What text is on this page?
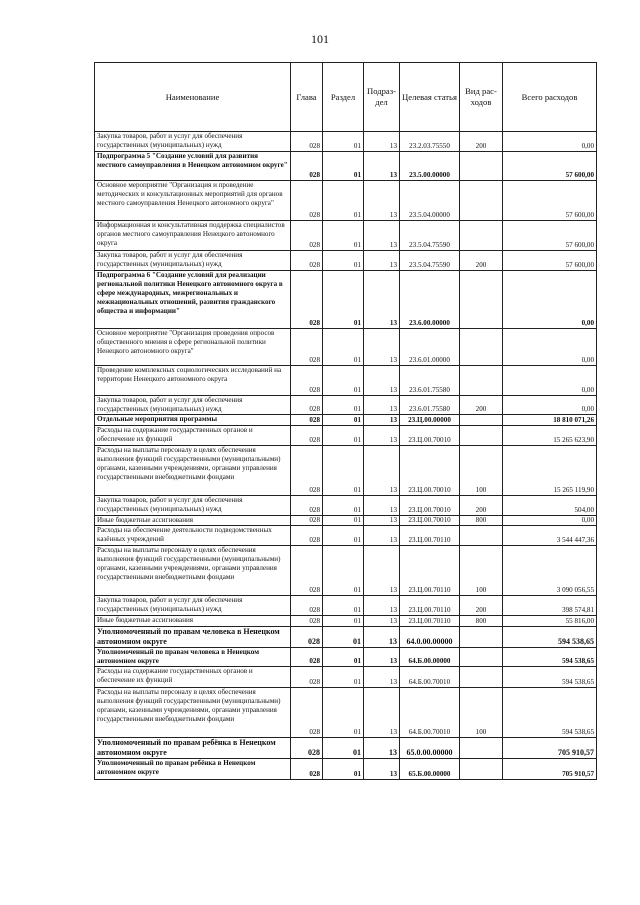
101
Наименование	Глава	Раздел	Подраз-дел	Целевая статья	Вид рас-ходов	Всего расходов
Закупка товаров, работ и услуг для обеспечения государственных (муниципальных) нужд	028	01	13	23.2.03.75550	200	0,00
Подпрограмма 5 "Создание условий для развития местного самоуправления в Ненецком автономном округе"	028	01	13	23.5.00.00000		57 600,00
Основное мероприятие "Организация и проведение методических и консультационных мероприятий для органов местного самоуправления Ненецкого автономного округа"	028	01	13	23.5.04.00000		57 600,00
Информационная и консультативная поддержка специалистов органов местного самоуправления Ненецкого автономного округа	028	01	13	23.5.04.75590		57 600,00
Закупка товаров, работ и услуг для обеспечения государственных (муниципальных) нужд	028	01	13	23.5.04.75590	200	57 600,00
Подпрограмма 6 "Создание условий для реализации региональной политики Ненецкого автономного округа в сфере международных, межрегиональных и межнациональных отношений, развития гражданского общества и информации"	028	01	13	23.6.00.00000		0,00
Основное мероприятие "Организация проведения опросов общественного мнения в сфере региональной политики Ненецкого автономного округа"	028	01	13	23.6.01.00000		0,00
Проведение комплексных социологических исследований на территории Ненецкого автономного округа	028	01	13	23.6.01.75580		0,00
Закупка товаров, работ и услуг для обеспечения государственных (муниципальных) нужд	028	01	13	23.6.01.75580	200	0,00
Отдельные мероприятия программы	028	01	13	23.Ц.00.00000		18 810 071,26
Расходы на содержание государственных органов и обеспечение их функций	028	01	13	23.Ц.00.70010		15 265 623,90
Расходы на выплаты персоналу в целях обеспечения выполнения функций государственными (муниципальными) органами, казенными учреждениями, органами управления государственными внебюджетными фондами	028	01	13	23.Ц.00.70010	100	15 265 119,90
Закупка товаров, работ и услуг для обеспечения государственных (муниципальных) нужд	028	01	13	23.Ц.00.70010	200	504,00
Иные бюджетные ассигнования	028	01	13	23.Ц.00.70010	800	0,00
Расходы на обеспечение деятельности подведомственных казённых учреждений	028	01	13	23.Ц.00.70110		3 544 447,36
Расходы на выплаты персоналу в целях обеспечения выполнения функций государственными (муниципальными) органами, казенными учреждениями, органами управления государственными внебюджетными фондами	028	01	13	23.Ц.00.70110	100	3 090 056,55
Закупка товаров, работ и услуг для обеспечения государственных (муниципальных) нужд	028	01	13	23.Ц.00.70110	200	398 574,81
Иные бюджетные ассигнования	028	01	13	23.Ц.00.70110	800	55 816,00
Уполномоченный по правам человека в Ненецком автономном округе	028	01	13	64.0.00.00000		594 538,65
Уполномоченный по правам человека в Ненецком автономном округе	028	01	13	64.Б.00.00000		594 538,65
Расходы на содержание государственных органов и обеспечение их функций	028	01	13	64.Б.00.70010		594 538,65
Расходы на выплаты персоналу в целях обеспечения выполнения функций государственными (муниципальными) органами, казенными учреждениями, органами управления государственными внебюджетными фондами	028	01	13	64.Б.00.70010	100	594 538,65
Уполномоченный по правам ребёнка в Ненецком автономном округе	028	01	13	65.0.00.00000		705 910,57
Уполномоченный по правам ребёнка в Ненецком автономном округе	028	01	13	65.Б.00.00000		705 910,57
